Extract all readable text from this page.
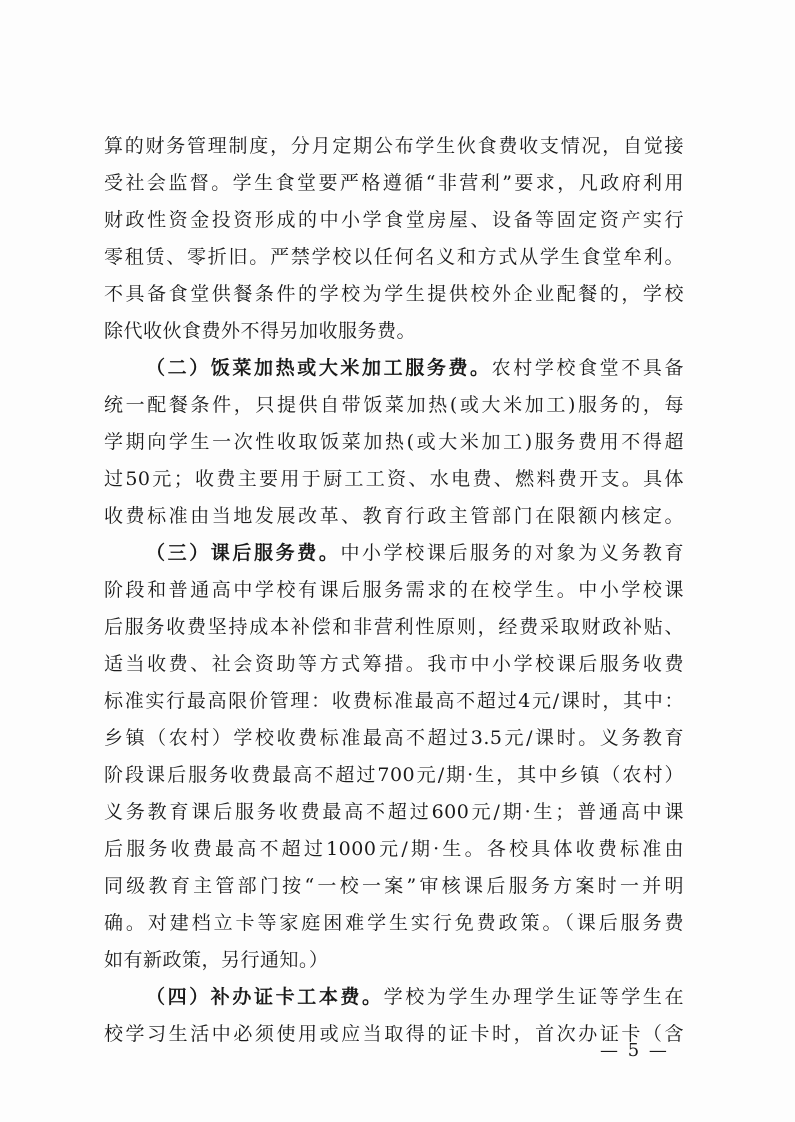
算的财务管理制度，分月定期公布学生伙食费收支情况，自觉接
受社会监督。学生食堂要严格遵循“非营利”要求，凡政府利用
财政性资金投资形成的中小学食堂房屋、设备等固定资产实行
零租赁、零折旧。严禁学校以任何名义和方式从学生食堂牟利。
不具备食堂供餐条件的学校为学生提供校外企业配餐的，学校
除代收伙食费外不得另加收服务费。
（二）饭菜加热或大米加工服务费。农村学校食堂不具备
统一配餐条件，只提供自带饭菜加热(或大米加工)服务的，每
学期向学生一次性收取饭菜加热(或大米加工)服务费用不得超
过50元；收费主要用于厨工工资、水电费、燃料费开支。具体
收费标准由当地发展改革、教育行政主管部门在限额内核定。
（三）课后服务费。中小学校课后服务的对象为义务教育
阶段和普通高中学校有课后服务需求的在校学生。中小学校课
后服务收费坚持成本补偿和非营利性原则，经费采取财政补贴、
适当收费、社会资助等方式筹措。我市中小学校课后服务收费
标准实行最高限价管理：收费标准最高不超过4元/课时，其中：
乡镇（农村）学校收费标准最高不超过3.5元/课时。义务教育
阶段课后服务收费最高不超过700元/期·生，其中乡镇（农村）
义务教育课后服务收费最高不超过600元/期·生；普通高中课
后服务收费最高不超过1000元/期·生。各校具体收费标准由
同级教育主管部门按“一校一案”审核课后服务方案时一并明
确。对建档立卡等家庭困难学生实行免费政策。（课后服务费
如有新政策，另行通知。）
（四）补办证卡工本费。学校为学生办理学生证等学生在
校学习生活中必须使用或应当取得的证卡时，首次办证卡（含
— 5 —
